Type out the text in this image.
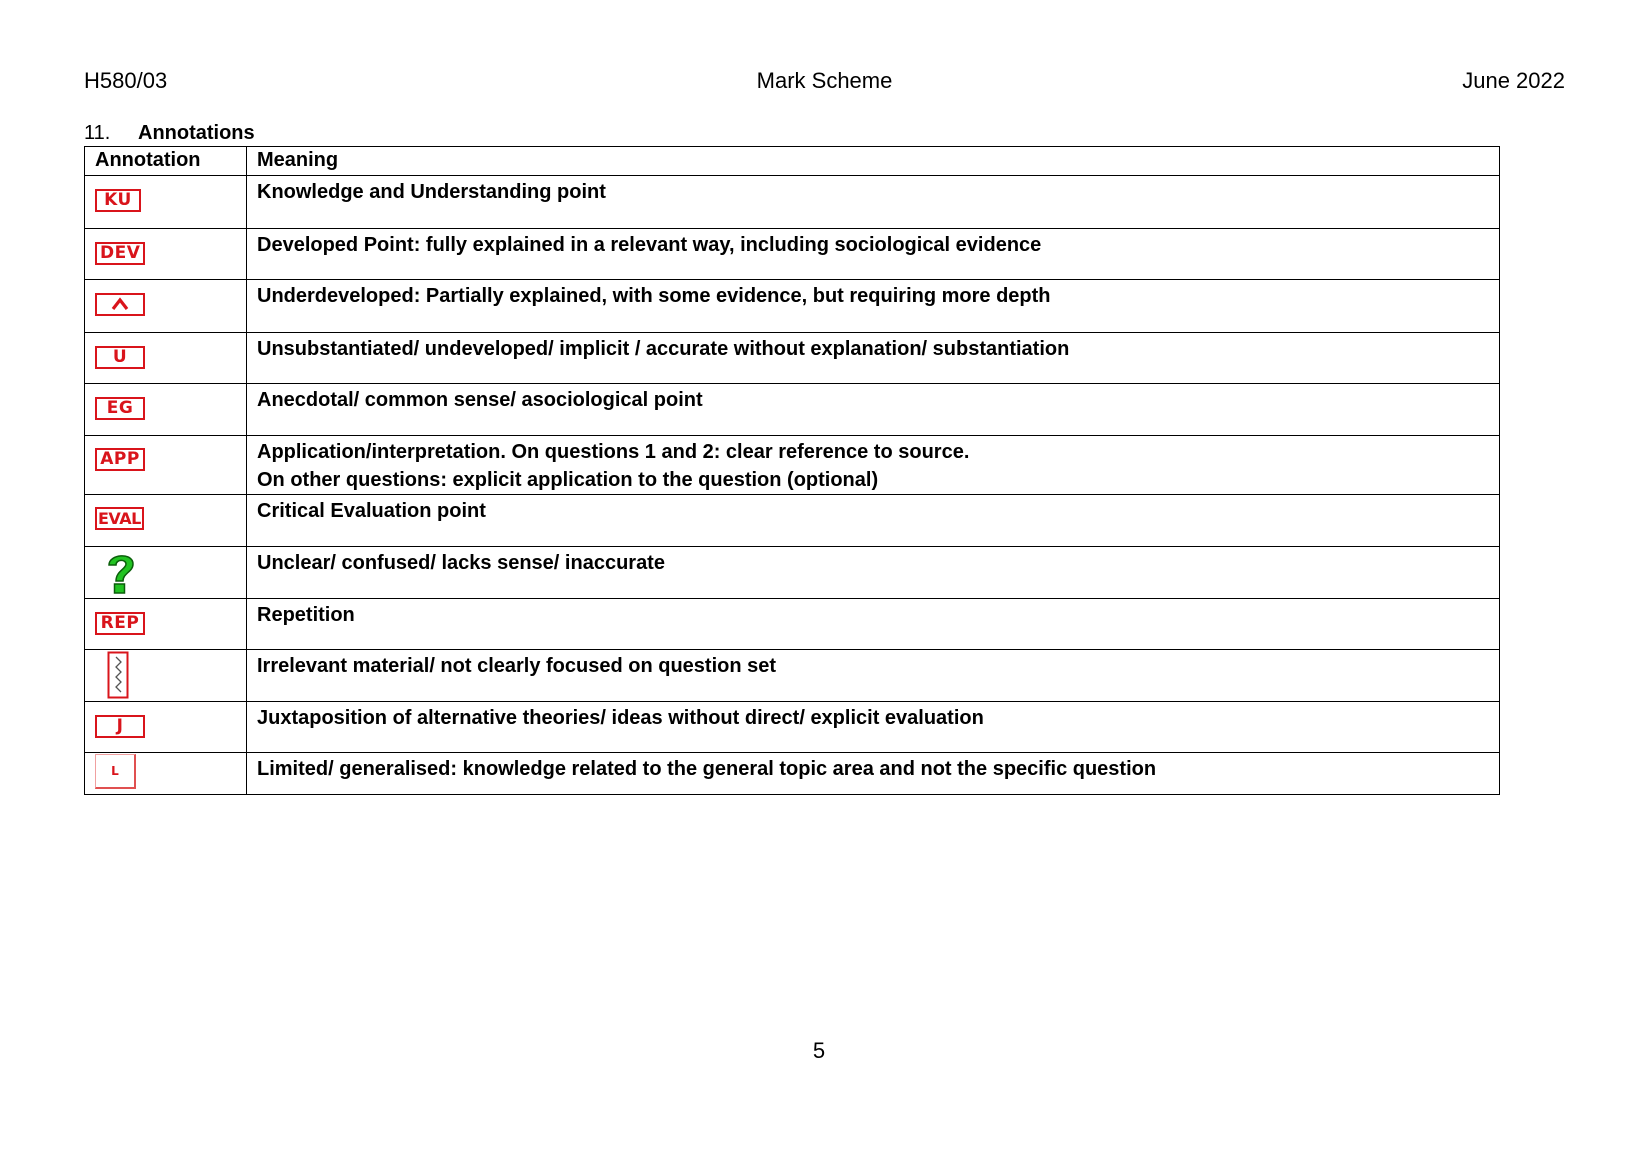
H580/03	Mark Scheme	June 2022
11. Annotations
Annotation	Meaning
KU	Knowledge and Understanding point
DEV	Developed Point: fully explained in a relevant way, including sociological evidence

	Underdeveloped: Partially explained, with some evidence, but requiring more depth
U	Unsubstantiated/ undeveloped/ implicit / accurate without explanation/ substantiation
EG	Anecdotal/ common sense/ asociological point
APP	Application/interpretation. On questions 1 and 2: clear reference to source.
On other questions: explicit application to the question (optional)

EVAL	Critical Evaluation point

	Unclear/ confused/ lacks sense/ inaccurate
REP	Repetition

	Irrelevant material/ not clearly focused on question set
J	Juxtaposition of alternative theories/ ideas without direct/ explicit evaluation
L	Limited/ generalised: knowledge related to the general topic area and not the specific question
5
